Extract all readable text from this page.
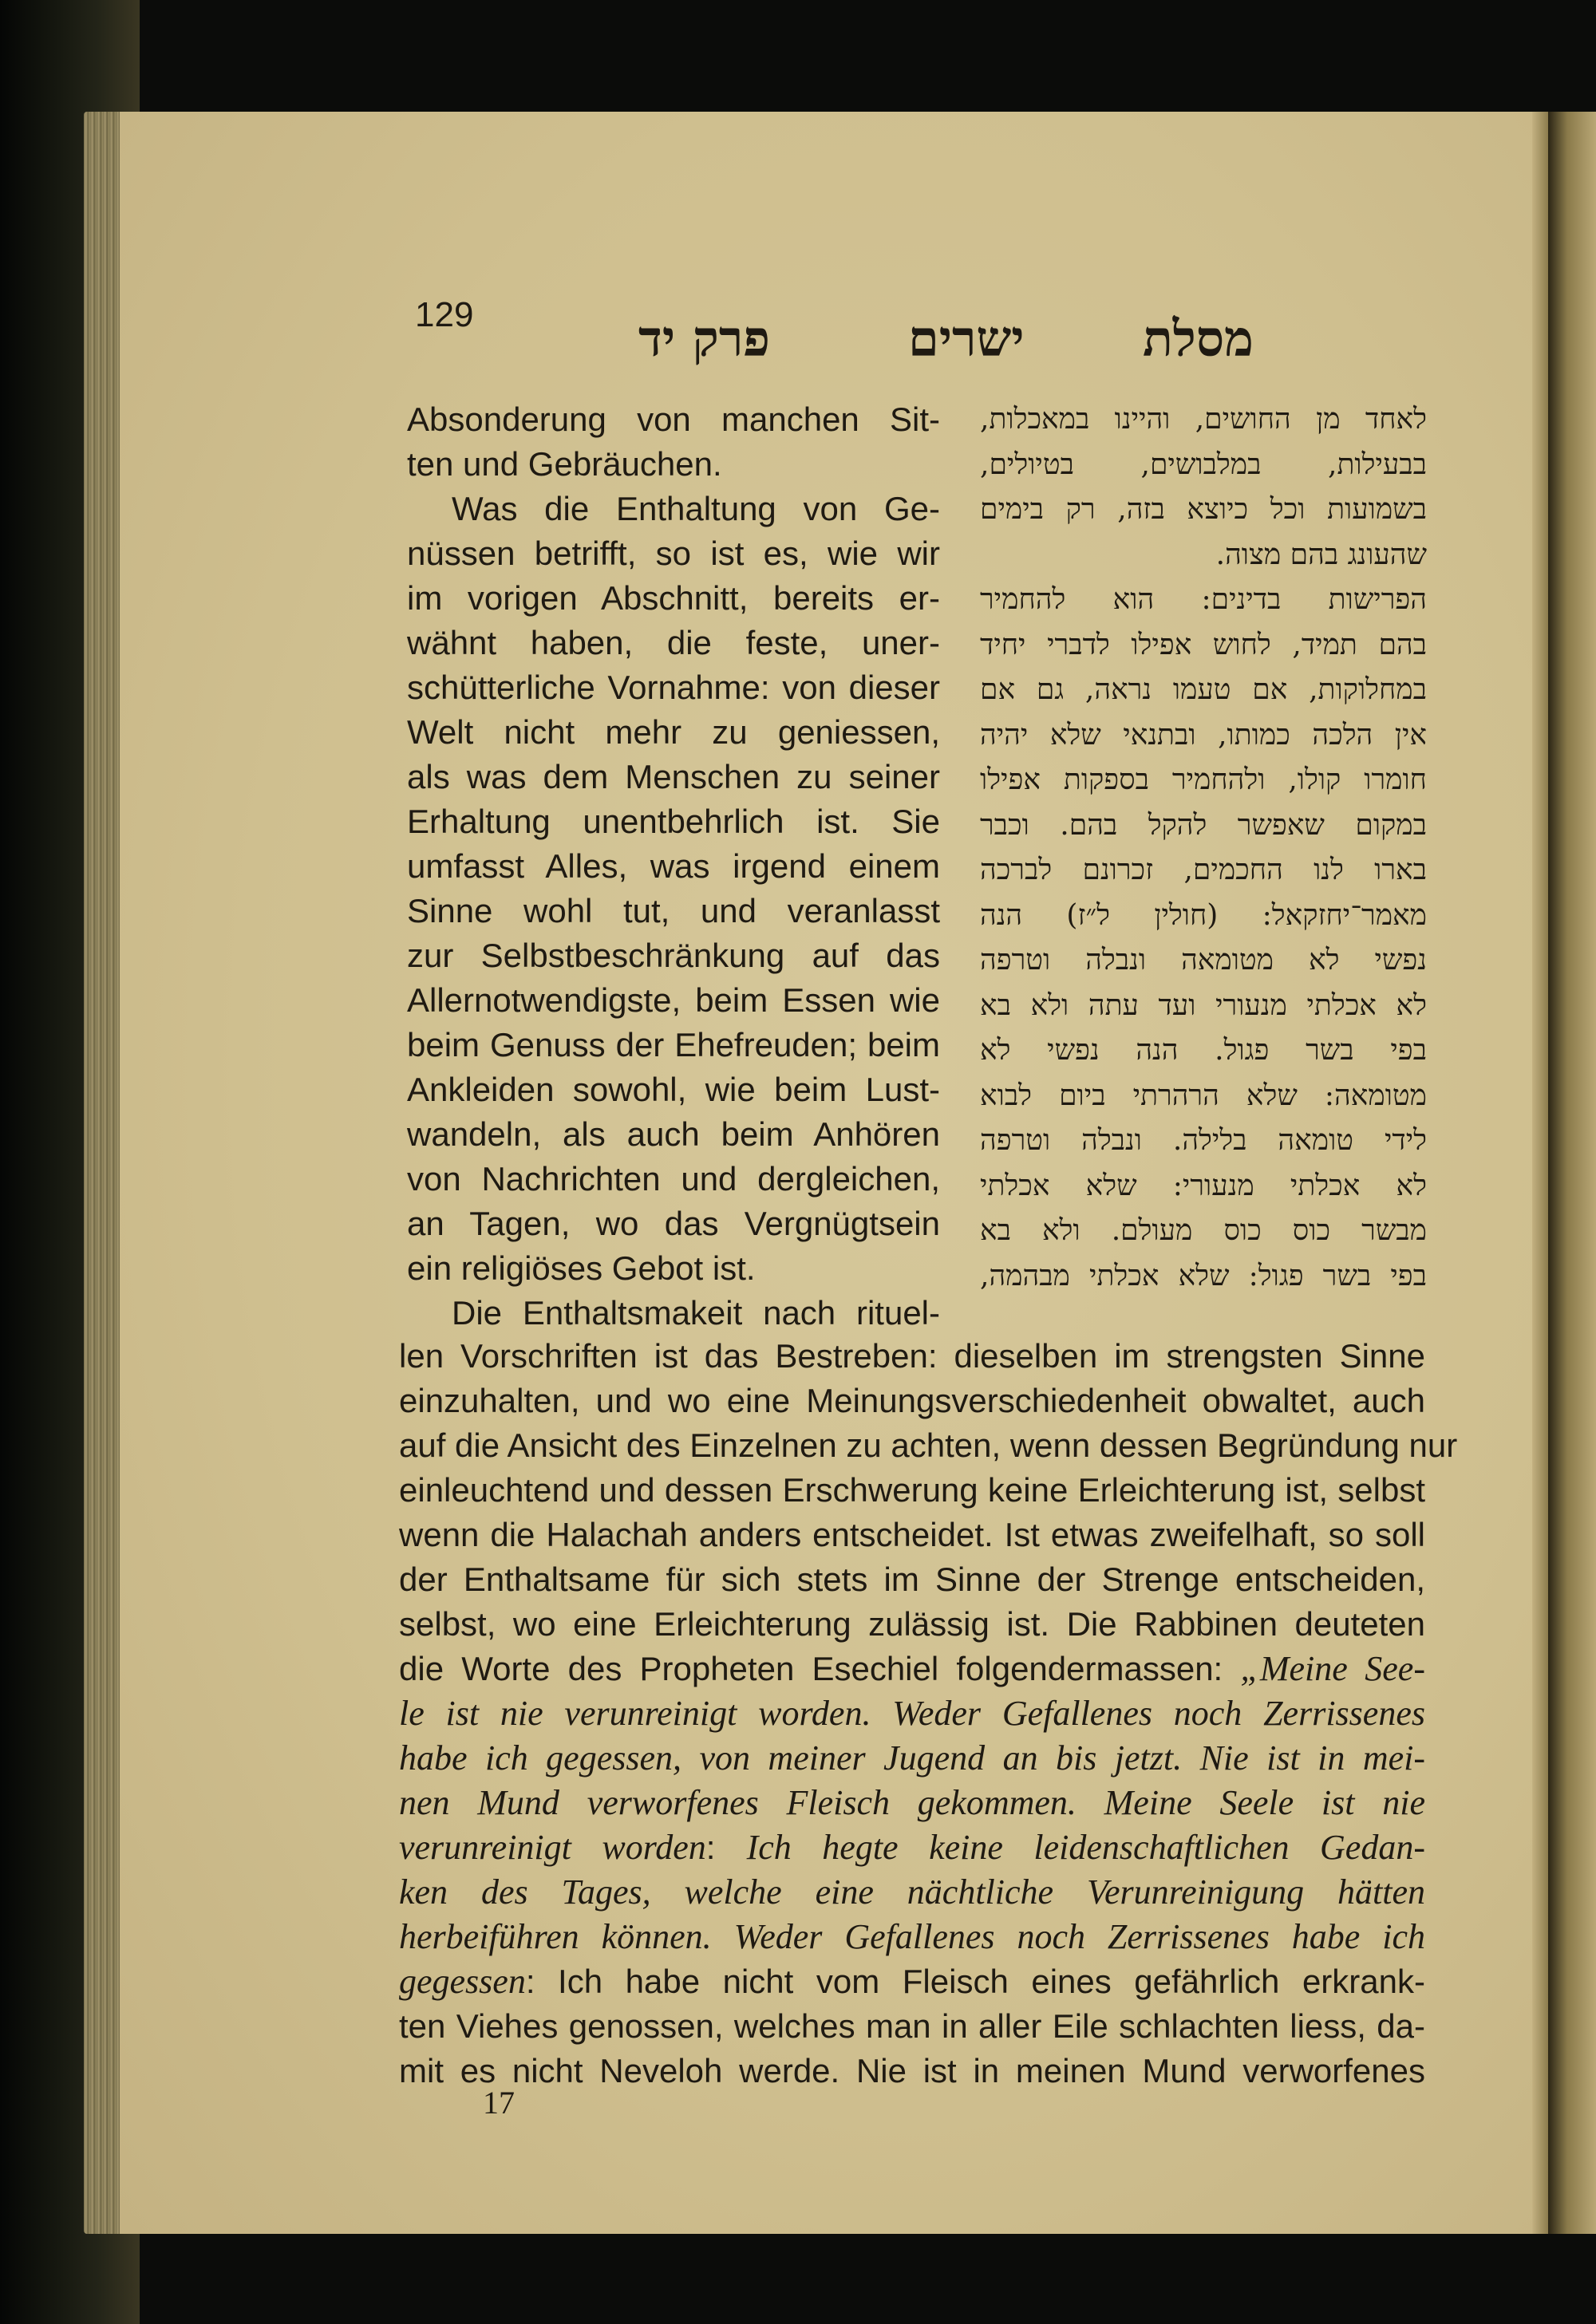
129	פרק יד	ישרים מסלת
Absonderung von manchen Sit-
ten und Gebräuchen.
Was die Enthaltung von Ge-
nüssen betrifft, so ist es, wie wir
im vorigen Abschnitt, bereits er-
wähnt haben, die feste, uner-
schütterliche Vornahme: von dieser
Welt nicht mehr zu geniessen,
als was dem Menschen zu seiner
Erhaltung unentbehrlich ist. Sie
umfasst Alles, was irgend einem
Sinne wohl tut, und veranlasst
zur Selbstbeschränkung auf das
Allernotwendigste, beim Essen wie
beim Genuss der Ehefreuden; beim
Ankleiden sowohl, wie beim Lust-
wandeln, als auch beim Anhören
von Nachrichten und dergleichen,
an Tagen, wo das Vergnügtsein
ein religiöses Gebot ist.
Die Enthaltsmakeit nach rituel-
לאחד מן החושים, והיינו במאכלות,
בבעילות, במלבושים, בטיולים,
בשמועות וכל כיוצא בזה, רק בימים
שהעונג בהם מצוה.
הפרישות בדינים: הוא להחמיר
בהם תמיד, לחוש אפילו לדברי יחיד
במחלוקות, אם טעמו נראה, גם אם
אין הלכה כמותו, ובתנאי שלא יהיה
חומרו קולו, ולהחמיר בספקות אפילו
במקום שאפשר להקל בהם. וכבר
בארו לנו החכמים, זכרונם לברכה
מאמר־יחזקאל: (חולין ל״ז) הנה
נפשי לא מטומאה ונבלה וטרפה
לא אכלתי מנעורי ועד עתה ולא בא
בפי בשר פגול. הנה נפשי לא
מטומאה: שלא הרהרתי ביום לבוא
לידי טומאה בלילה. ונבלה וטרפה
לא אכלתי מנעורי: שלא אכלתי
מבשר כוס כוס מעולם. ולא בא
בפי בשר פגול: שלא אכלתי מבהמה,
len Vorschriften ist das Bestreben: dieselben im strengsten Sinne
einzuhalten, und wo eine Meinungsverschiedenheit obwaltet, auch
auf die Ansicht des Einzelnen zu achten, wenn dessen Begründung nur
einleuchtend und dessen Erschwerung keine Erleichterung ist, selbst
wenn die Halachah anders entscheidet. Ist etwas zweifelhaft, so soll
der Enthaltsame für sich stets im Sinne der Strenge entscheiden,
selbst, wo eine Erleichterung zulässig ist. Die Rabbinen deuteten
die Worte des Propheten Esechiel folgendermassen: „Meine See-
le ist nie verunreinigt worden. Weder Gefallenes noch Zerrissenes
habe ich gegessen, von meiner Jugend an bis jetzt. Nie ist in mei-
nen Mund verworfenes Fleisch gekommen. Meine Seele ist nie
verunreinigt worden: Ich hegte keine leidenschaftlichen Gedan-
ken des Tages, welche eine nächtliche Verunreinigung hätten
herbeiführen können. Weder Gefallenes noch Zerrissenes habe ich
gegessen: Ich habe nicht vom Fleisch eines gefährlich erkrank-
ten Viehes genossen, welches man in aller Eile schlachten liess, da-
mit es nicht Neveloh werde. Nie ist in meinen Mund verworfenes
17
